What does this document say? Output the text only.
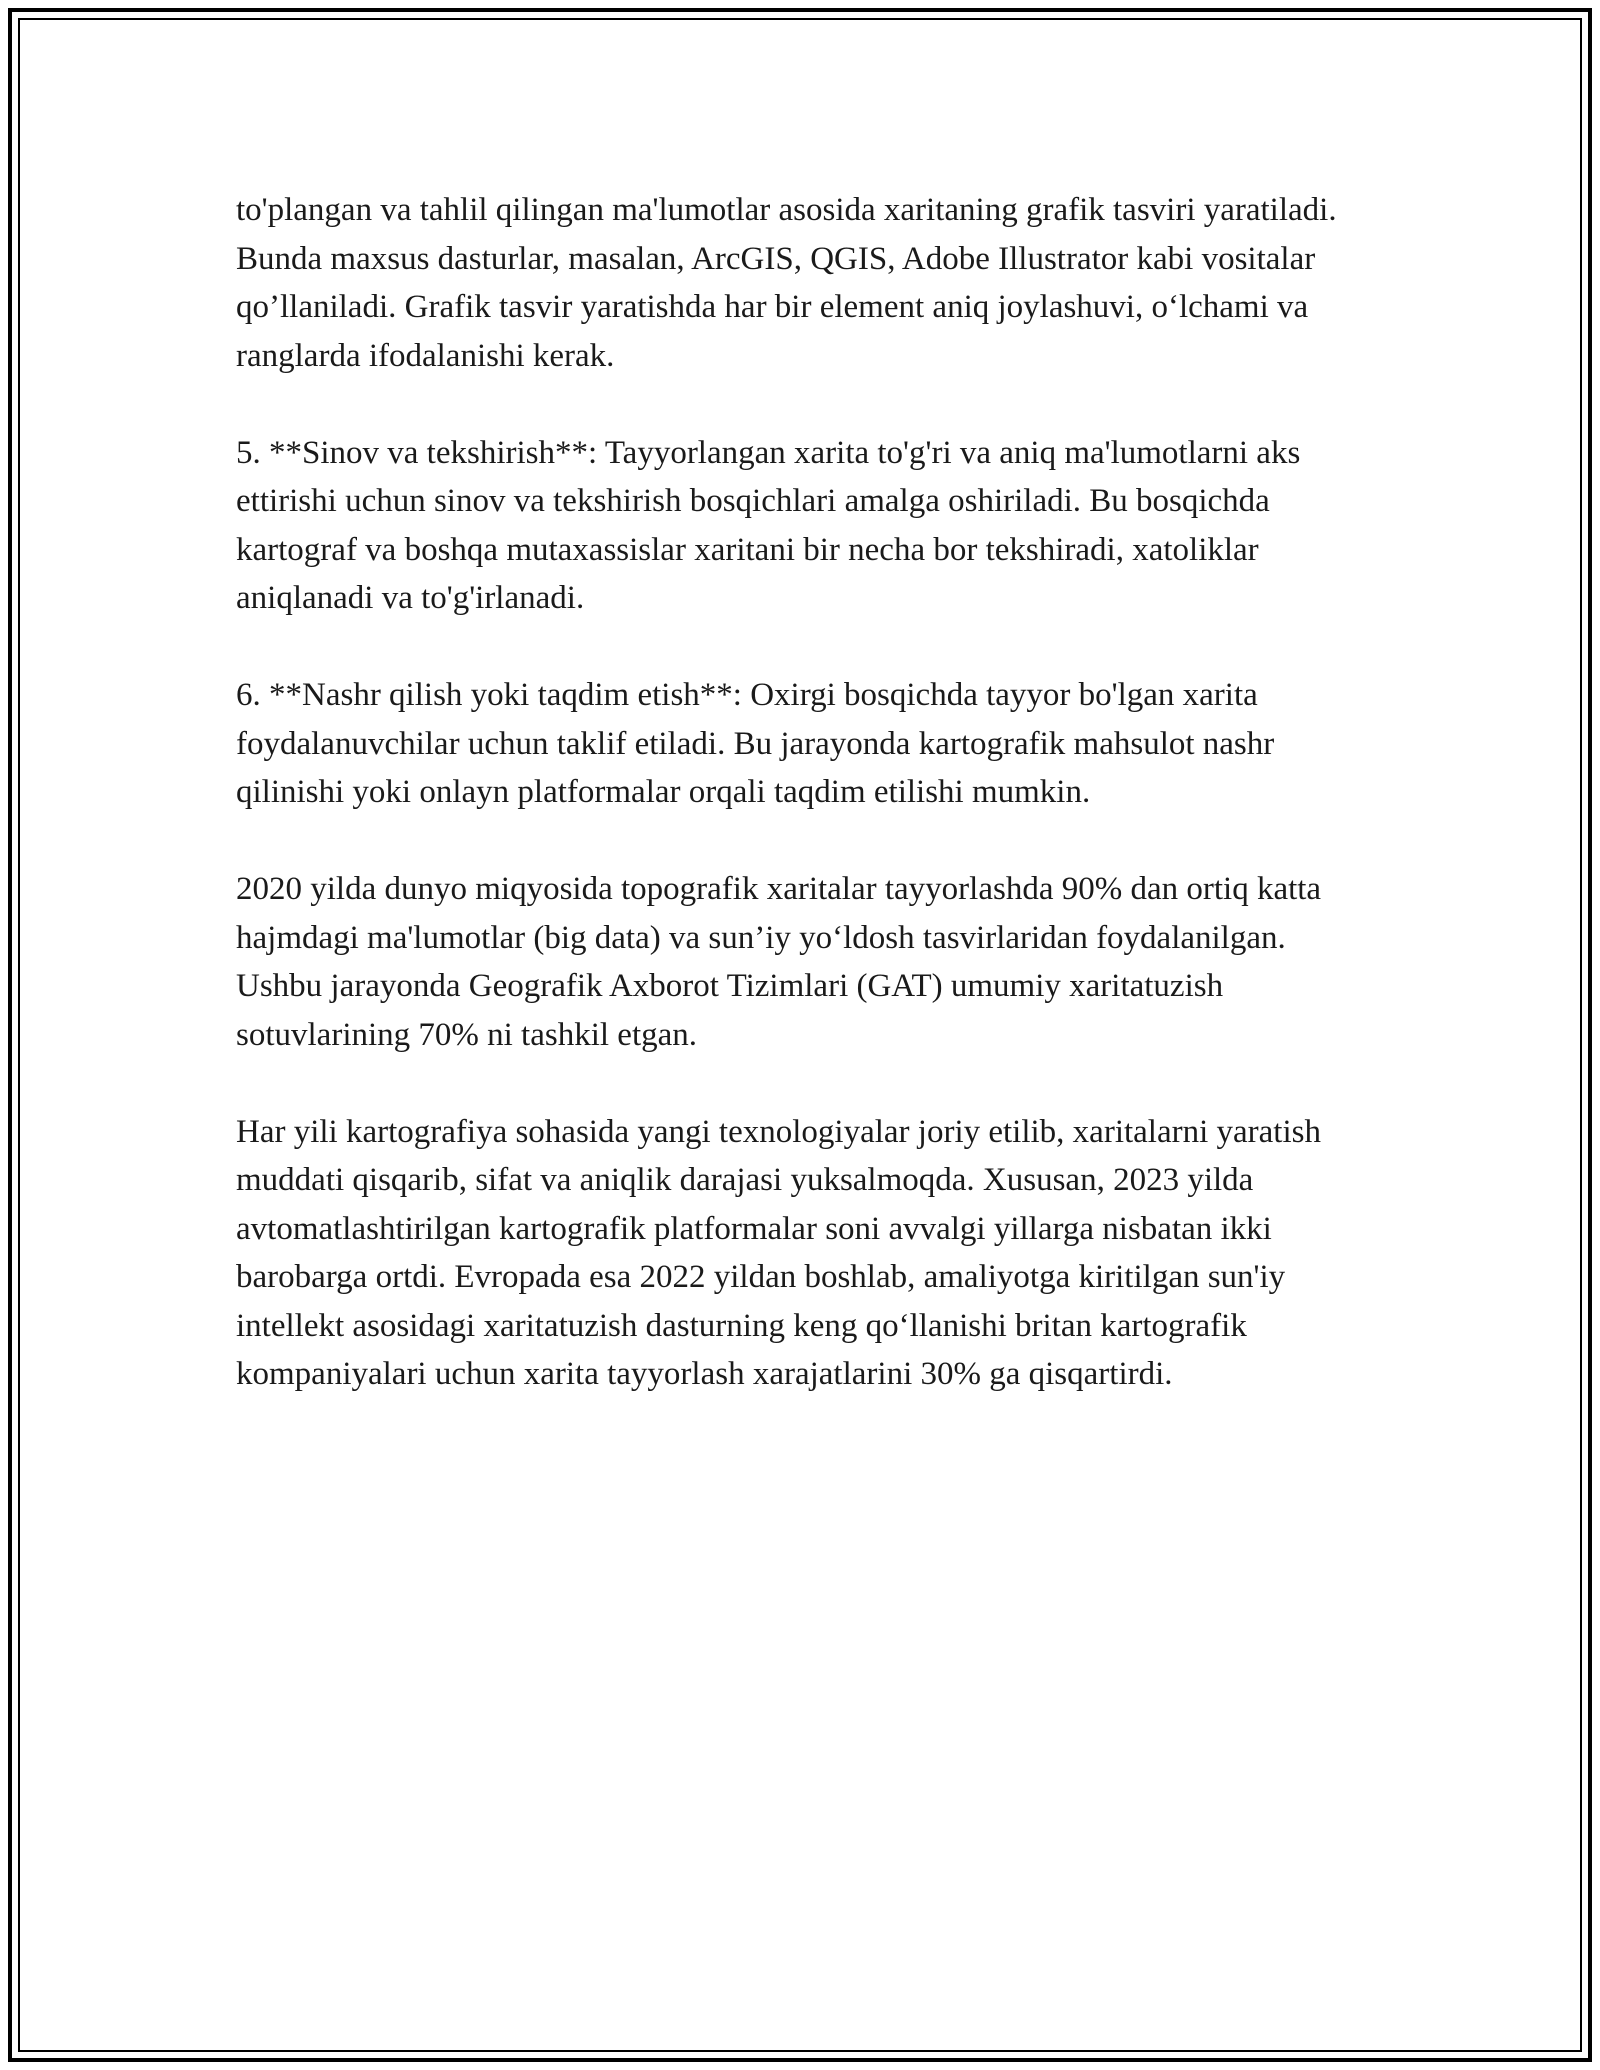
to'plangan va tahlil qilingan ma'lumotlar asosida xaritaning grafik tasviri yaratiladi. Bunda maxsus dasturlar, masalan, ArcGIS, QGIS, Adobe Illustrator kabi vositalar qo’llaniladi. Grafik tasvir yaratishda har bir element aniq joylashuvi, o‘lchami va ranglarda ifodalanishi kerak.

5. **Sinov va tekshirish**: Tayyorlangan xarita to'g'ri va aniq ma'lumotlarni aks ettirishi uchun sinov va tekshirish bosqichlari amalga oshiriladi. Bu bosqichda kartograf va boshqa mutaxassislar xaritani bir necha bor tekshiradi, xatoliklar aniqlanadi va to'g'irlanadi.

6. **Nashr qilish yoki taqdim etish**: Oxirgi bosqichda tayyor bo'lgan xarita foydalanuvchilar uchun taklif etiladi. Bu jarayonda kartografik mahsulot nashr qilinishi yoki onlayn platformalar orqali taqdim etilishi mumkin.

2020 yilda dunyo miqyosida topografik xaritalar tayyorlashda 90% dan ortiq katta hajmdagi ma'lumotlar (big data) va sun’iy yo‘ldosh tasvirlaridan foydalanilgan. Ushbu jarayonda Geografik Axborot Tizimlari (GAT) umumiy xaritatuzish sotuvlarining 70% ni tashkil etgan.

Har yili kartografiya sohasida yangi texnologiyalar joriy etilib, xaritalarni yaratish muddati qisqarib, sifat va aniqlik darajasi yuksalmoqda. Xususan, 2023 yilda avtomatlashtirilgan kartografik platformalar soni avvalgi yillarga nisbatan ikki barobarga ortdi. Evropada esa 2022 yildan boshlab, amaliyotga kiritilgan sun'iy intellekt asosidagi xaritatuzish dasturning keng qo‘llanishi britan kartografik kompaniyalari uchun xarita tayyorlash xarajatlarini 30% ga qisqartirdi.
